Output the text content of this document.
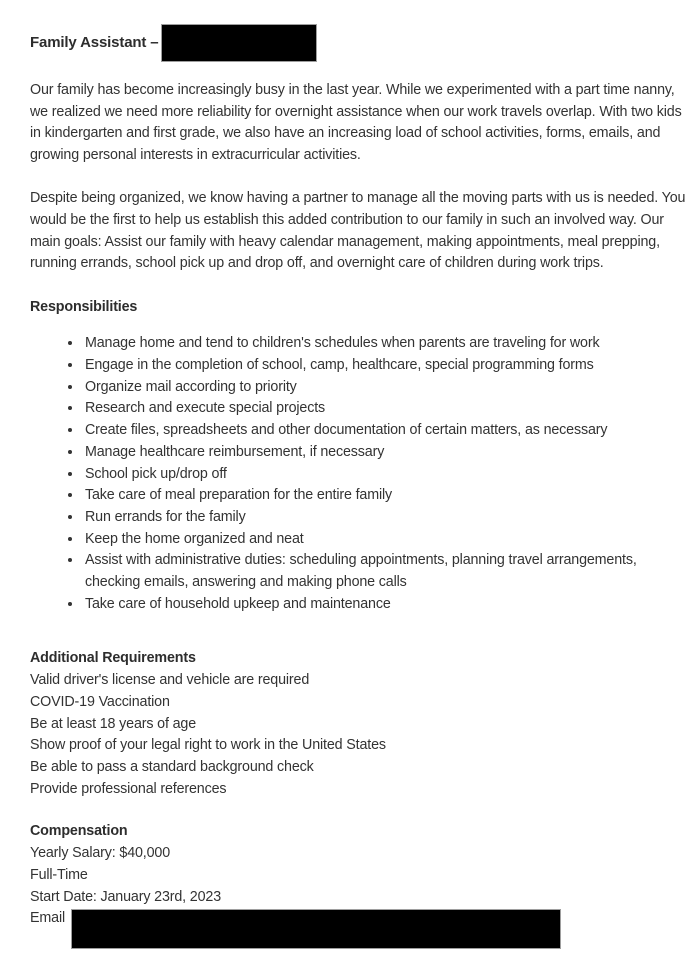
Family Assistant –

Our family has become increasingly busy in the last year. While we experimented with a part time nanny, we realized we need more reliability for overnight assistance when our work travels overlap. With two kids in kindergarten and first grade, we also have an increasing load of school activities, forms, emails, and growing personal interests in extracurricular activities.

Despite being organized, we know having a partner to manage all the moving parts with us is needed. You would be the first to help us establish this added contribution to our family in such an involved way. Our main goals: Assist our family with heavy calendar management, making appointments, meal prepping, running errands, school pick up and drop off, and overnight care of children during work trips.

Responsibilities
• Manage home and tend to children's schedules when parents are traveling for work
• Engage in the completion of school, camp, healthcare, special programming forms
• Organize mail according to priority
• Research and execute special projects
• Create files, spreadsheets and other documentation of certain matters, as necessary
• Manage healthcare reimbursement, if necessary
• School pick up/drop off
• Take care of meal preparation for the entire family
• Run errands for the family
• Keep the home organized and neat
• Assist with administrative duties: scheduling appointments, planning travel arrangements, checking emails, answering and making phone calls
• Take care of household upkeep and maintenance
Additional Requirements
Valid driver's license and vehicle are required
COVID-19 Vaccination
Be at least 18 years of age
Show proof of your legal right to work in the United States
Be able to pass a standard background check
Provide professional references
Compensation
Yearly Salary: $40,000
Full-Time
Start Date: January 23rd, 2023
Email
